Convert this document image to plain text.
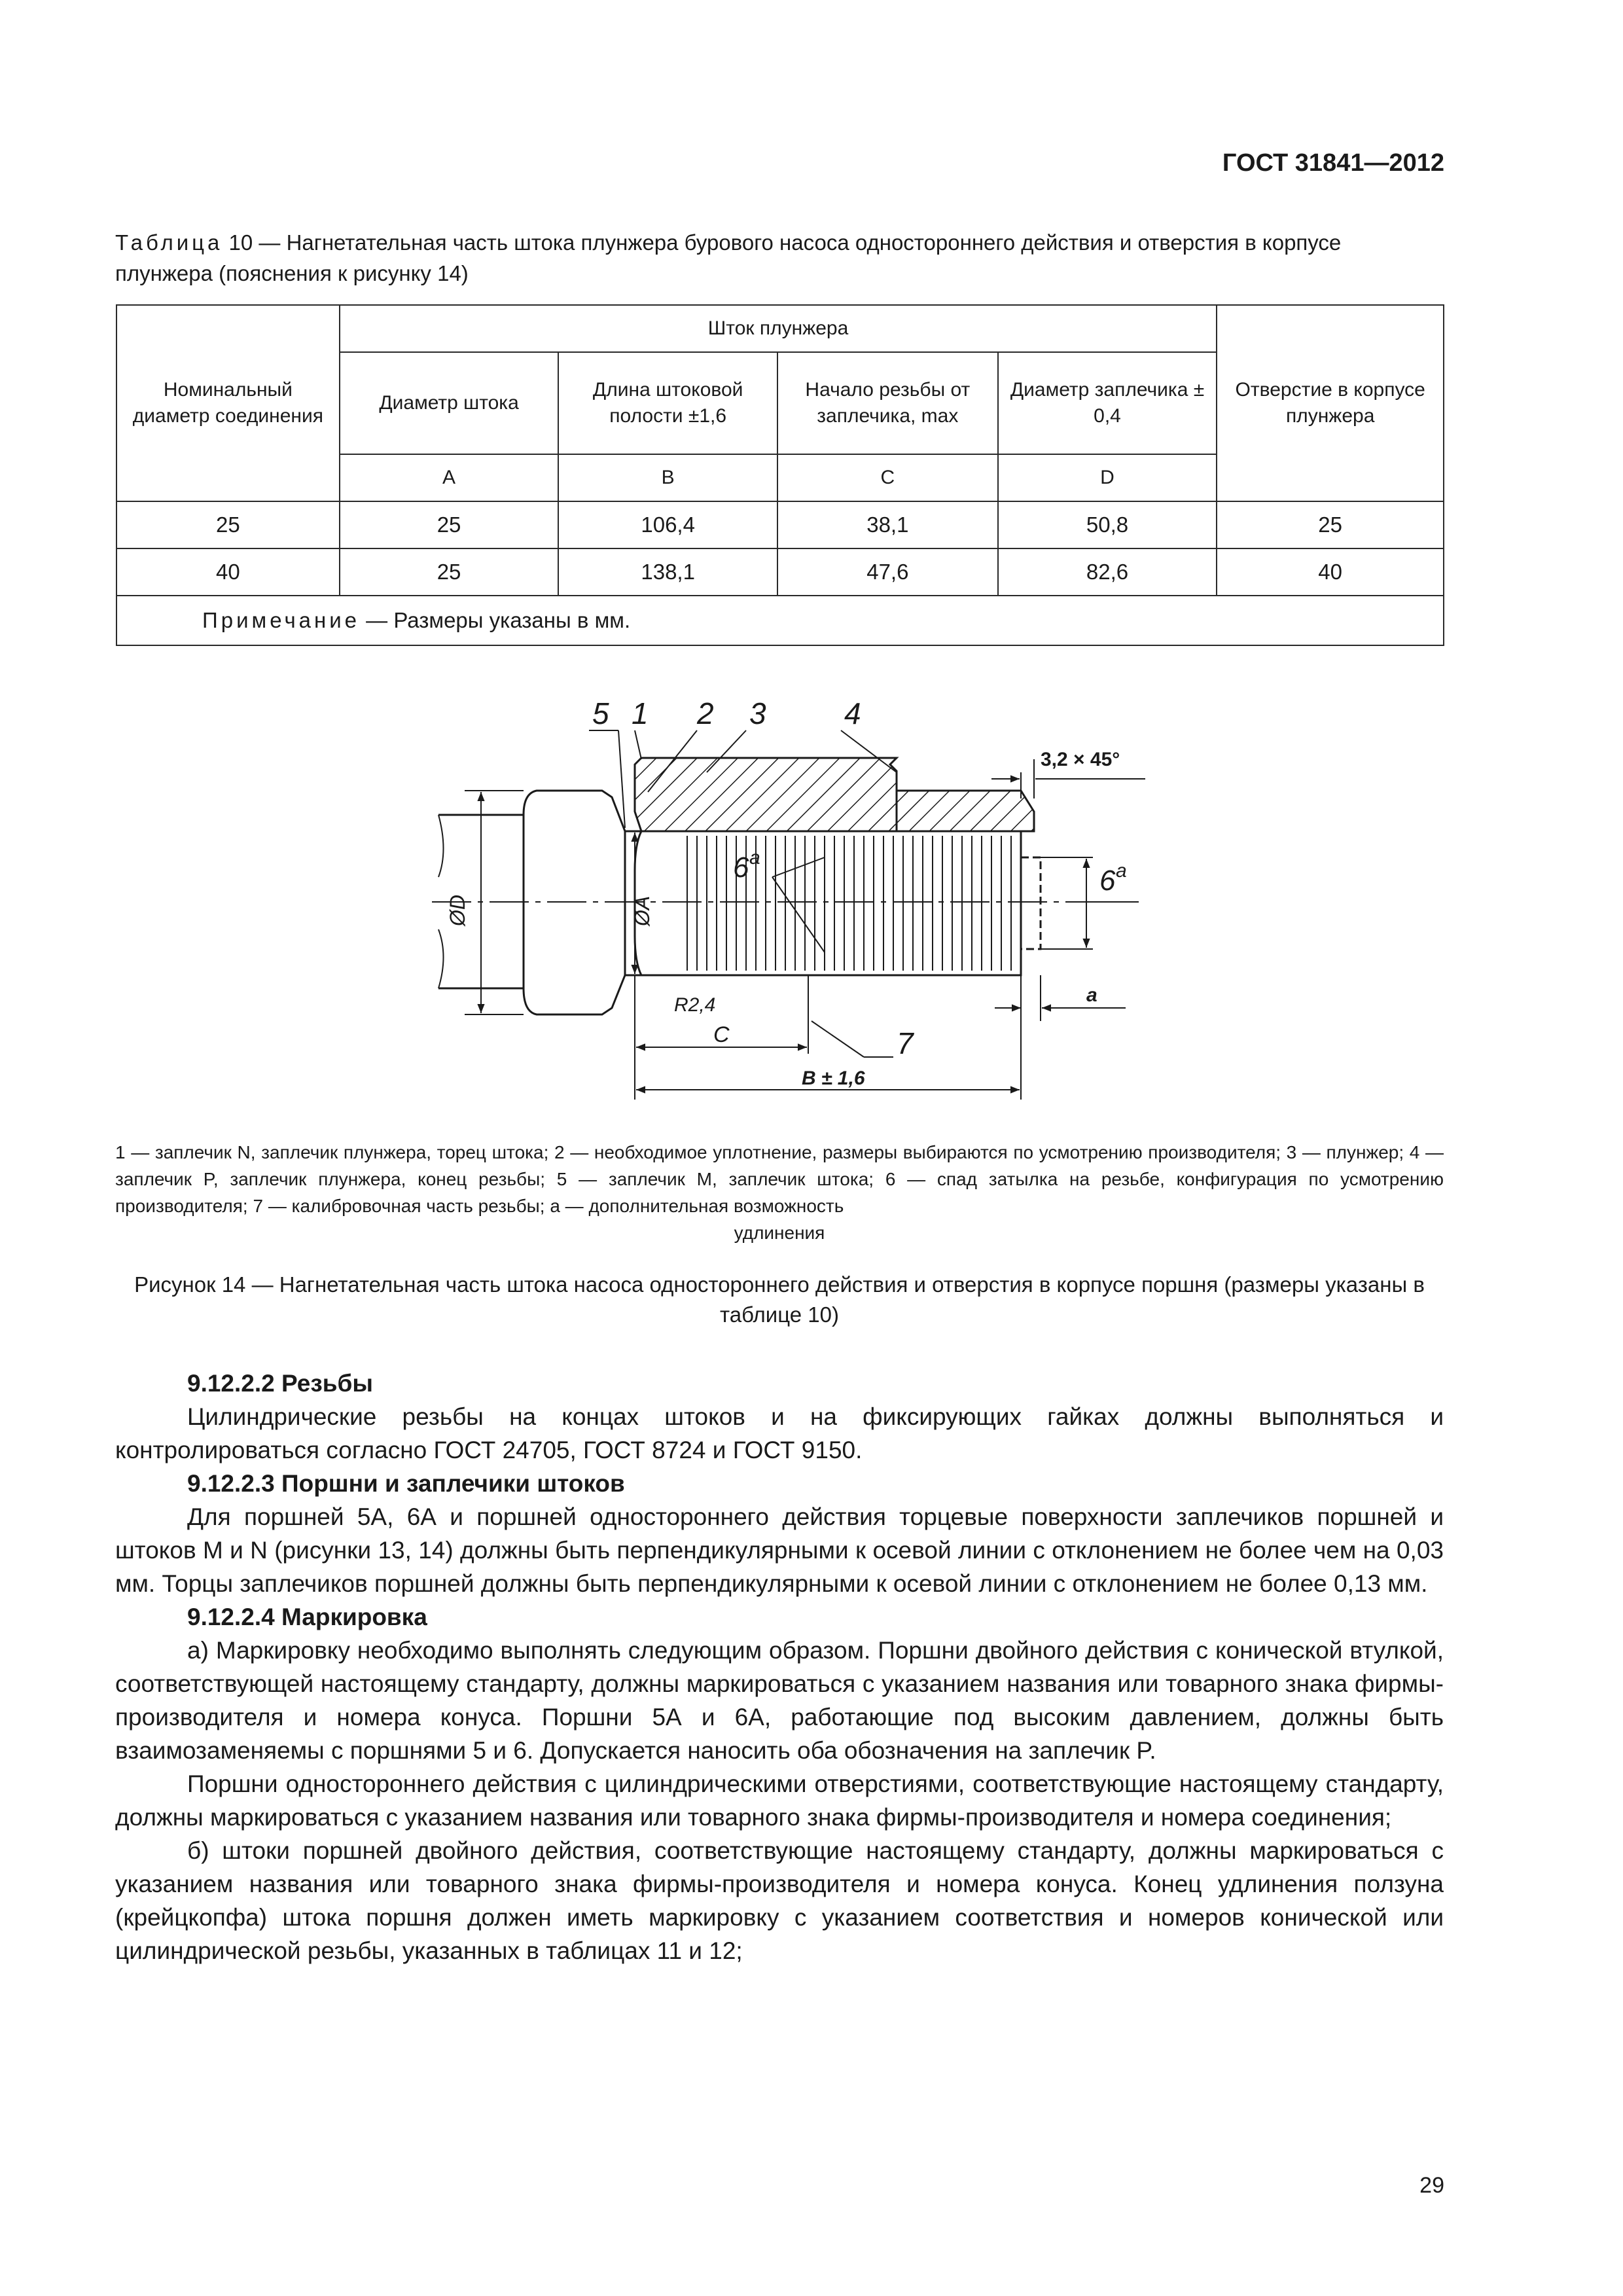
ГОСТ 31841—2012
Таблица 10 — Нагнетательная часть штока плунжера бурового насоса одностороннего действия и отверстия в корпусе плунжера (пояснения к рисунку 14)
Номинальный диаметр соединения	Шток плунжера				Отверстие в корпусе плунжера
	Диаметр штока	Длина штоковой полости ±1,6	Начало резьбы от заплечика, max	Диаметр заплечика ± 0,4	
	A	B	C	D	
25	25	106,4	38,1	50,8	25
40	25	138,1	47,6	82,6	40
Примечание — Размеры указаны в мм.					
5 1 2 3	4
7
6 a
6 a
ØD	ØA
3,2 × 45°
R2,4
C
B ± 1,6
a
1 — заплечик N, заплечик плунжера, торец штока; 2 — необходимое уплотнение, размеры выбираются по усмотрению производителя; 3 — плунжер; 4 — заплечик P, заплечик плунжера, конец резьбы; 5 — заплечик M, заплечик штока; 6 — спад затылка на резьбе, конфигурация по усмотрению производителя; 7 — калибровочная часть резьбы; a — дополнительная возможность
удлинения
Рисунок 14 — Нагнетательная часть штока насоса одностороннего действия и отверстия в корпусе поршня (размеры указаны в таблице 10)

9.12.2.2 Резьбы

Цилиндрические резьбы на концах штоков и на фиксирующих гайках должны выполняться и контролироваться согласно ГОСТ 24705, ГОСТ 8724 и ГОСТ 9150.

9.12.2.3 Поршни и заплечики штоков

Для поршней 5А, 6А и поршней одностороннего действия торцевые поверхности заплечиков поршней и штоков M и N (рисунки 13, 14) должны быть перпендикулярными к осевой линии с отклонением не более чем на 0,03 мм. Торцы заплечиков поршней должны быть перпендикулярными к осевой линии с отклонением не более 0,13 мм.

9.12.2.4 Маркировка

а) Маркировку необходимо выполнять следующим образом. Поршни двойного действия с конической втулкой, соответствующей настоящему стандарту, должны маркироваться с указанием названия или товарного знака фирмы-производителя и номера конуса. Поршни 5А и 6А, работающие под высоким давлением, должны быть взаимозаменяемы с поршнями 5 и 6. Допускается наносить оба обозначения на заплечик P.

Поршни одностороннего действия с цилиндрическими отверстиями, соответствующие настоящему стандарту, должны маркироваться с указанием названия или товарного знака фирмы-производителя и номера соединения;

б) штоки поршней двойного действия, соответствующие настоящему стандарту, должны маркироваться с указанием названия или товарного знака фирмы-производителя и номера конуса. Конец удлинения ползуна (крейцкопфа) штока поршня должен иметь маркировку с указанием соответствия и номеров конической или цилиндрической резьбы, указанных в таблицах 11 и 12;

29
